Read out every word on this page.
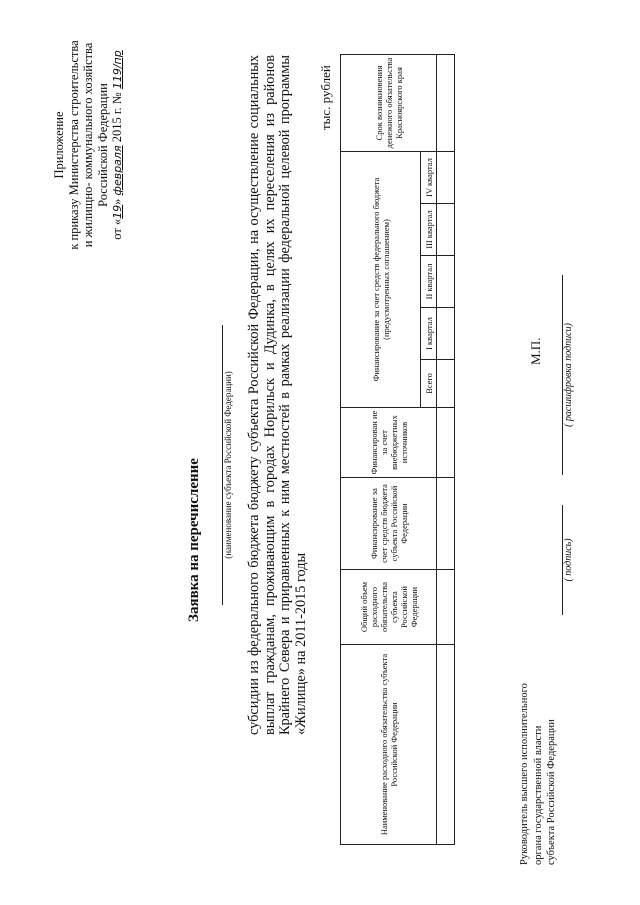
Приложение к приказу Министерства строительства и жилищно- коммунального хозяйства Российской Федерации
от «19» февраля 2015 г. № 119/пр
Заявка на перечисление (наименование субъекта Российской Федерации) субсидии из федерального бюджета бюджету субъекта Российской Федерации, на осуществление социальных выплат гражданам, проживающим в городах Норильск и Дудинка, в целях их переселения из районов Крайнего Севера и приравненных к ним местностей в рамках реализации федеральной целевой программы «Жилище» на 2011-2015 годы
тыс. рублей
Наименование расходного обязательства субъекта Российской Федерации	Общий объем расходного обязательства субъекта Российской Федерации	Финансирование за счет средств бюджета субъекта Российской Федерации	Финансирован ие за счет внебюджетных источников	Финансирование за счет средств федерального бюджета (предусмотренных соглашением)					Срок возникновения денежного обязательства Красноярского края
				Всего	I квартал	II квартал	III квартал	IV квартал	

Руководитель высшего исполнительного органа государственной власти субъекта Российской Федерации
( подпись)
( расшифровка подписи)
М.П.
